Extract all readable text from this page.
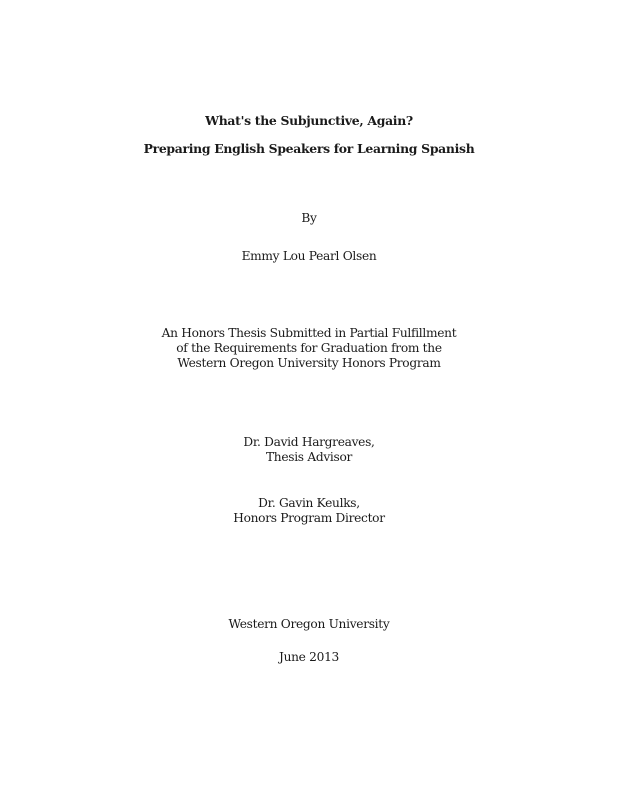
What's the Subjunctive, Again?
Preparing English Speakers for Learning Spanish
By
Emmy Lou Pearl Olsen
An Honors Thesis Submitted in Partial Fulfillment
of the Requirements for Graduation from the
Western Oregon University Honors Program
Dr. David Hargreaves,
Thesis Advisor
Dr. Gavin Keulks,
Honors Program Director
Western Oregon University
June 2013
